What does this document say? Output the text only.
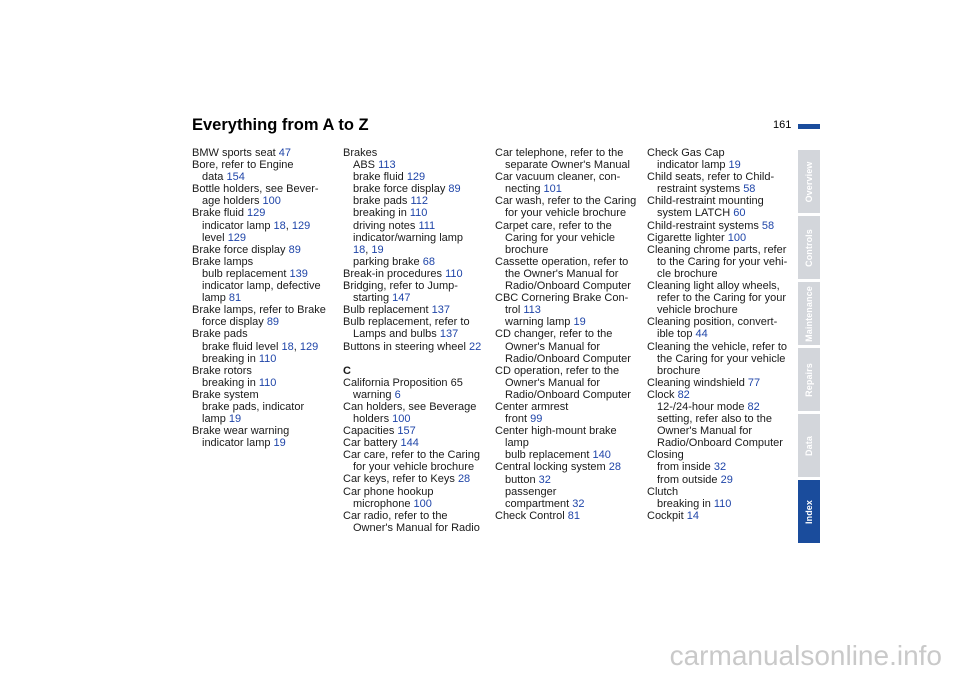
Everything from A to Z	161
BMW sports seat 47
Bore, refer to Engine
data 154
Bottle holders, see Bever-
age holders 100
Brake fluid 129
indicator lamp 18, 129
level 129
Brake force display 89
Brake lamps
bulb replacement 139
indicator lamp, defective
lamp 81
Brake lamps, refer to Brake
force display 89
Brake pads
brake fluid level 18, 129
breaking in 110
Brake rotors
breaking in 110
Brake system
brake pads, indicator
lamp 19
Brake wear warning
indicator lamp 19
Brakes
ABS 113
brake fluid 129
brake force display 89
brake pads 112
breaking in 110
driving notes 111
indicator/warning lamp
18, 19
parking brake 68
Break-in procedures 110
Bridging, refer to Jump-
starting 147
Bulb replacement 137
Bulb replacement, refer to
Lamps and bulbs 137
Buttons in steering wheel 22
C
California Proposition 65
warning 6
Can holders, see Beverage
holders 100
Capacities 157
Car battery 144
Car care, refer to the Caring
for your vehicle brochure
Car keys, refer to Keys 28
Car phone hookup
microphone 100
Car radio, refer to the
Owner's Manual for Radio
Car telephone, refer to the
separate Owner's Manual
Car vacuum cleaner, con-
necting 101
Car wash, refer to the Caring
for your vehicle brochure
Carpet care, refer to the
Caring for your vehicle
brochure
Cassette operation, refer to
the Owner's Manual for
Radio/Onboard Computer
CBC Cornering Brake Con-
trol 113
warning lamp 19
CD changer, refer to the
Owner's Manual for
Radio/Onboard Computer
CD operation, refer to the
Owner's Manual for
Radio/Onboard Computer
Center armrest
front 99
Center high-mount brake
lamp
bulb replacement 140
Central locking system 28
button 32
passenger
compartment 32
Check Control 81
Check Gas Cap
indicator lamp 19
Child seats, refer to Child-
restraint systems 58
Child-restraint mounting
system LATCH 60
Child-restraint systems 58
Cigarette lighter 100
Cleaning chrome parts, refer
to the Caring for your vehi-
cle brochure
Cleaning light alloy wheels,
refer to the Caring for your
vehicle brochure
Cleaning position, convert-
ible top 44
Cleaning the vehicle, refer to
the Caring for your vehicle
brochure
Cleaning windshield 77
Clock 82
12-/24-hour mode 82
setting, refer also to the
Owner's Manual for
Radio/Onboard Computer
Closing
from inside 32
from outside 29
Clutch
breaking in 110
Cockpit 14
Overview
Controls
Maintenance
Repairs
Data
Index
carmanualsonline.info
